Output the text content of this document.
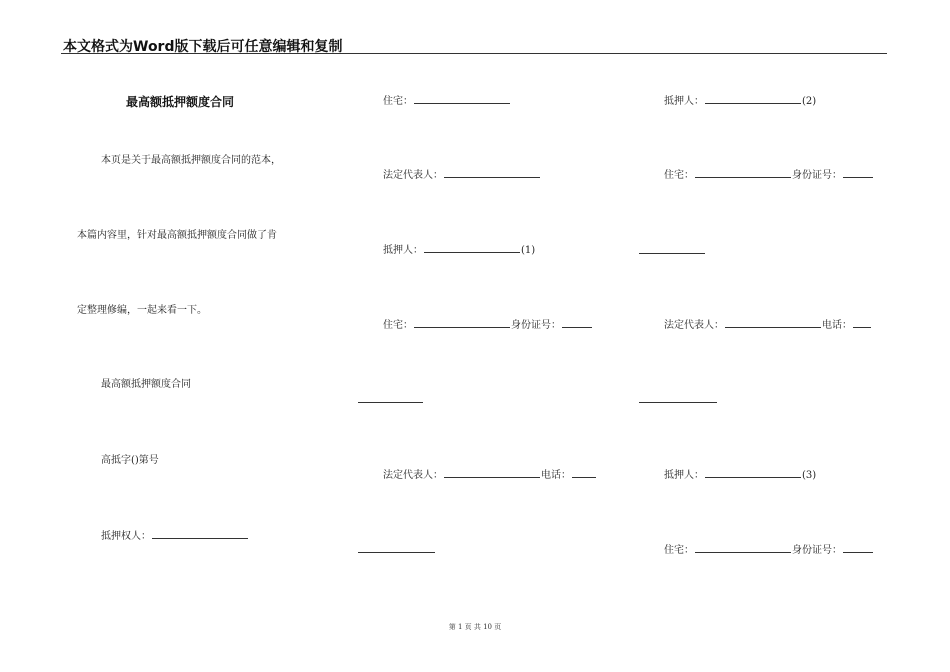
本文格式为Word版下载后可任意编辑和复制
最高额抵押额度合同
本页是关于最高额抵押额度合同的范本，
本篇内容里，针对最高额抵押额度合同做了肯
定整理修编，一起来看一下。
最高额抵押额度合同
高抵字()第号
抵押权人：
住宅：
法定代表人：
抵押人：	(1)
住宅：	身份证号：
法定代表人：	电话：
抵押人：	(2)
住宅：	身份证号：
法定代表人：	电话：
抵押人：	(3)
住宅：	身份证号：
第 1 页 共 10 页
